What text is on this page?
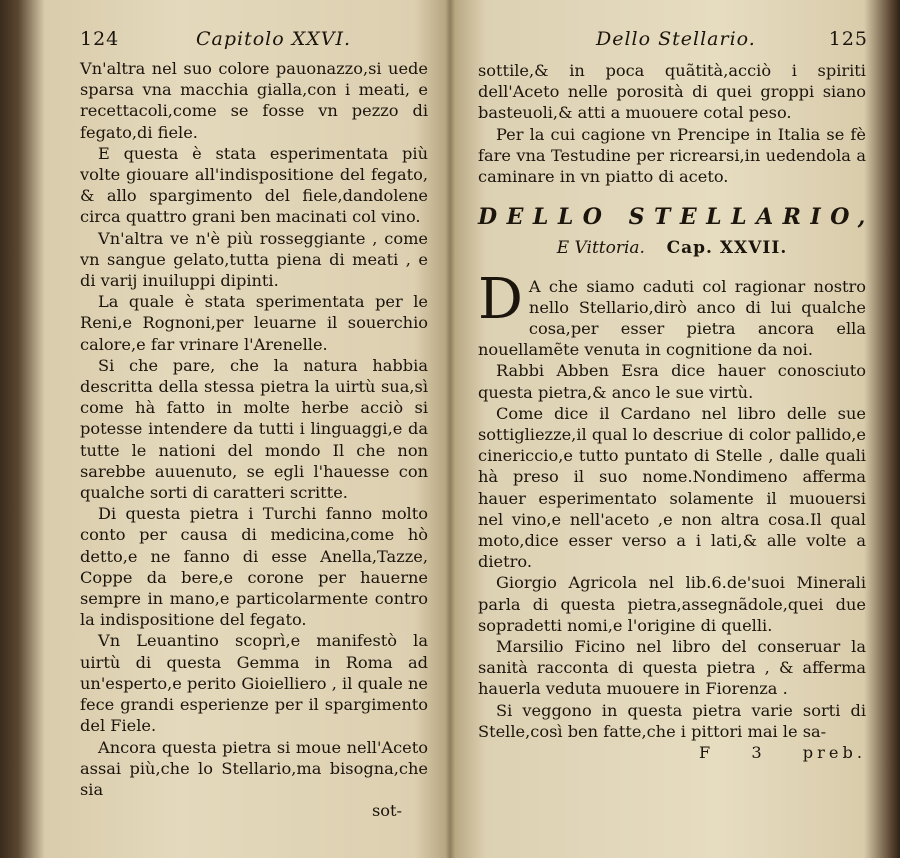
124	Capitolo XXVI.

Vn'altra nel suo colore pauonazzo,si uede sparsa vna macchia gialla,con i meati, e recettacoli,come se fosse vn pezzo di fegato,di fiele.

E questa è stata esperimentata più volte giouare all'indispositione del fegato, & allo spargimento del fiele,dandolene circa quattro grani ben macinati col vino.

Vn'altra ve n'è più rosseggiante , come vn sangue gelato,tutta piena di meati , e di varij inuiluppi dipinti.

La quale è stata sperimentata per le Reni,e Rognoni,per leuarne il souerchio calore,e far vrinare l'Arenelle.

Si che pare, che la natura habbia descritta della stessa pietra la uirtù sua,sì come hà fatto in molte herbe acciò si potesse intendere da tutti i linguaggi,e da tutte le nationi del mondo Il che non sarebbe auuenuto, se egli l'hauesse con qualche sorti di caratteri scritte.

Di questa pietra i Turchi fanno molto conto per causa di medicina,come hò detto,e ne fanno di esse Anella,Tazze, Coppe da bere,e corone per hauerne sempre in mano,e particolarmente contro la indispositione del fegato.

Vn Leuantino scoprì,e manifestò la uirtù di questa Gemma in Roma ad un'esperto,e perito Gioielliero , il quale ne fece grandi esperienze per il spargimento del Fiele.

Ancora questa pietra si moue nell'Aceto assai più,che lo Stellario,ma bisogna,che sia

sot-

Dello Stellario.	125

sottile,& in poca quãtità,acciò i spiriti dell'Aceto nelle porosità di quei groppi siano basteuoli,& atti a muouere cotal peso.

Per la cui cagione vn Prencipe in Italia se fè fare vna Testudine per ricrearsi,in uedendola a caminare in vn piatto di aceto.

DELLO STELLARIO,

E Vittoria. Cap. XXVII.

D A che siamo caduti col ragionar nostro nello Stellario,dirò anco di lui qualche cosa,per esser pietra ancora ella nouellamẽte venuta in cognitione da noi.

Rabbi Abben Esra dice hauer conosciuto questa pietra,& anco le sue virtù.

Come dice il Cardano nel libro delle sue sottigliezze,il qual lo descriue di color pallido,e cinericcio,e tutto puntato di Stelle , dalle quali hà preso il suo nome.Nondimeno afferma hauer esperimentato solamente il muouersi nel vino,e nell'aceto ,e non altra cosa.Il qual moto,dice esser verso a i lati,& alle volte a dietro.

Giorgio Agricola nel lib.6.de'suoi Minerali parla di questa pietra,assegnãdole,quei due sopradetti nomi,e l'origine di quelli.

Marsilio Ficino nel libro del conseruar la sanità racconta di questa pietra , & afferma hauerla veduta muouere in Fiorenza .

Si veggono in questa pietra varie sorti di Stelle,così ben fatte,che i pittori mai le sa-

F 3 preb.
